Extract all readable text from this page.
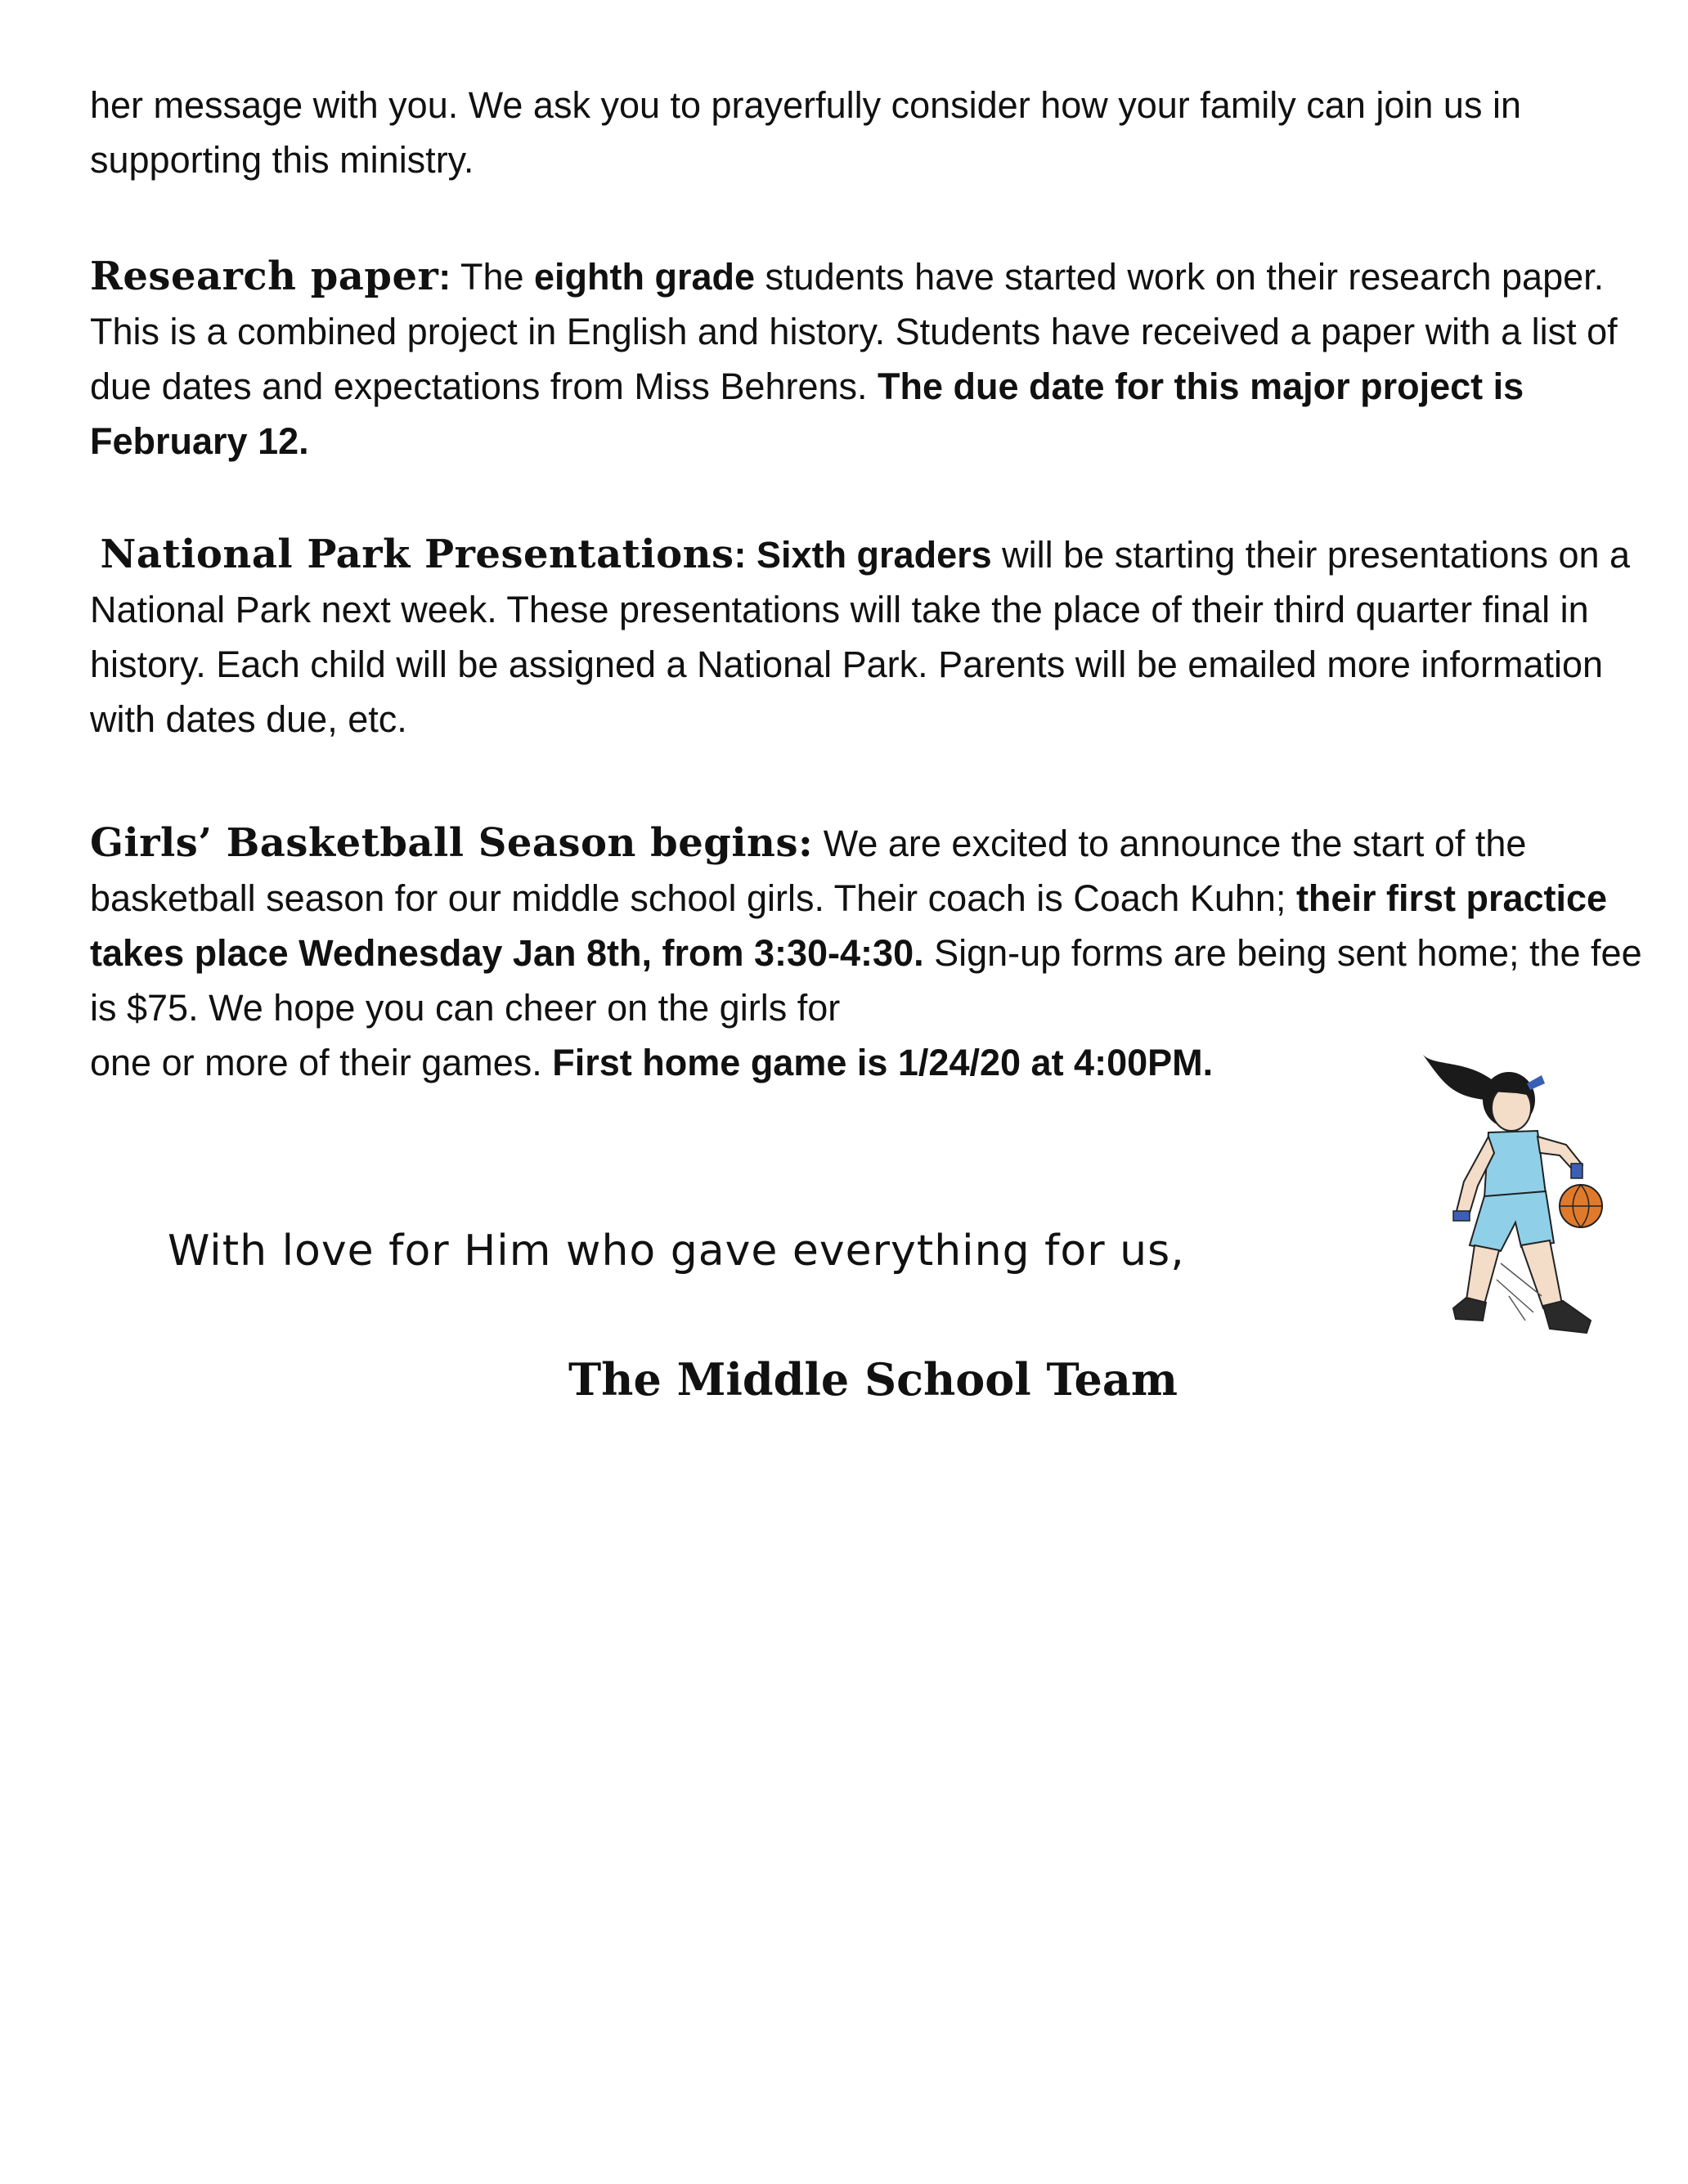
her message with you. We ask you to prayerfully consider how your family can join us in supporting this ministry.

Research paper: The eighth grade students have started work on their research paper. This is a combined project in English and history. Students have received a paper with a list of due dates and expectations from Miss Behrens. The due date for this major project is February 12.

National Park Presentations: Sixth graders will be starting their presentations on a National Park next week. These presentations will take the place of their third quarter final in history. Each child will be assigned a National Park. Parents will be emailed more information with dates due, etc.

Girls’ Basketball Season begins: We are excited to announce the start of the basketball season for our middle school girls. Their coach is Coach Kuhn; their first practice takes place Wednesday Jan 8th, from 3:30-4:30. Sign-up forms are being sent home; the fee is $75. We hope you can cheer on the girls for
one or more of their games. First home game is 1/24/20 at 4:00PM.

With love for Him who gave everything for us,

The Middle School Team
